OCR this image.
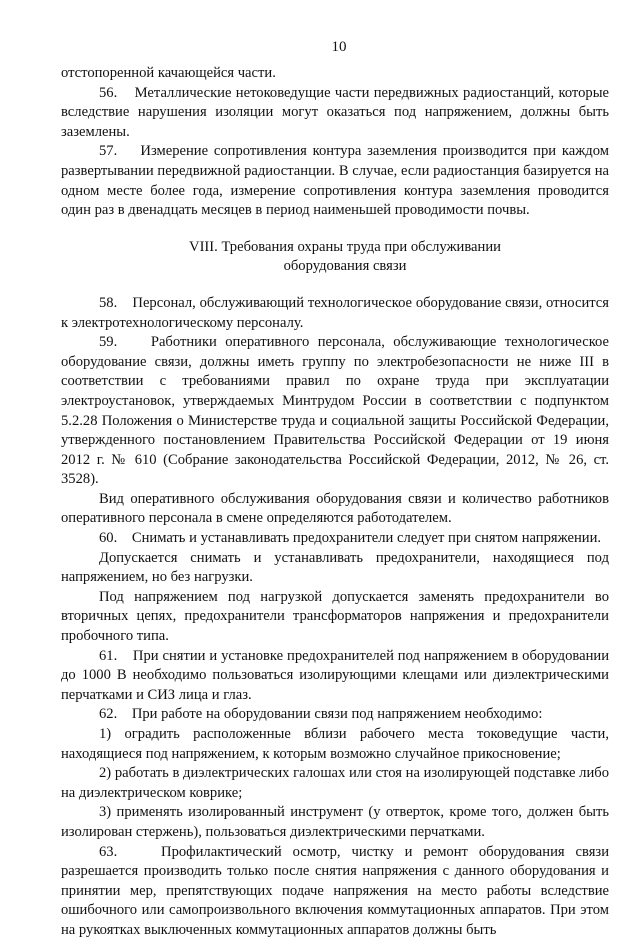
10

отстопоренной качающейся части.

56.    Металлические нетоковедущие части передвижных радиостанций, которые вследствие нарушения изоляции могут оказаться под напряжением, должны быть заземлены.

57.    Измерение сопротивления контура заземления производится при каждом развертывании передвижной радиостанции. В случае, если радиостанция базируется на одном месте более года, измерение сопротивления контура заземления проводится один раз в двенадцать месяцев в период наименьшей проводимости почвы.

VIII. Требования охраны труда при обслуживании
оборудования связи

58.    Персонал, обслуживающий технологическое оборудование связи, относится к электротехнологическому персоналу.

59.    Работники оперативного персонала, обслуживающие технологическое оборудование связи, должны иметь группу по электробезопасности не ниже III в соответствии с требованиями правил по охране труда при эксплуатации электроустановок, утверждаемых Минтрудом России в соответствии с подпунктом 5.2.28 Положения о Министерстве труда и социальной защиты Российской Федерации, утвержденного постановлением Правительства Российской Федерации от 19 июня 2012 г. № 610 (Собрание законодательства Российской Федерации, 2012, № 26, ст. 3528).

Вид оперативного обслуживания оборудования связи и количество работников оперативного персонала в смене определяются работодателем.

60.    Снимать и устанавливать предохранители следует при снятом напряжении.

Допускается снимать и устанавливать предохранители, находящиеся под напряжением, но без нагрузки.

Под напряжением под нагрузкой допускается заменять предохранители во вторичных цепях, предохранители трансформаторов напряжения и предохранители пробочного типа.

61.    При снятии и установке предохранителей под напряжением в оборудовании до 1000 В необходимо пользоваться изолирующими клещами или диэлектрическими перчатками и СИЗ лица и глаз.

62.    При работе на оборудовании связи под напряжением необходимо:

1) оградить расположенные вблизи рабочего места токоведущие части, находящиеся под напряжением, к которым возможно случайное прикосновение;

2) работать в диэлектрических галошах или стоя на изолирующей подставке либо на диэлектрическом коврике;

3) применять изолированный инструмент (у отверток, кроме того, должен быть изолирован стержень), пользоваться диэлектрическими перчатками.

63.    Профилактический осмотр, чистку и ремонт оборудования связи разрешается производить только после снятия напряжения с данного оборудования и принятии мер, препятствующих подаче напряжения на место работы вследствие ошибочного или самопроизвольного включения коммутационных аппаратов. При этом на рукоятках выключенных коммутационных аппаратов должны быть
